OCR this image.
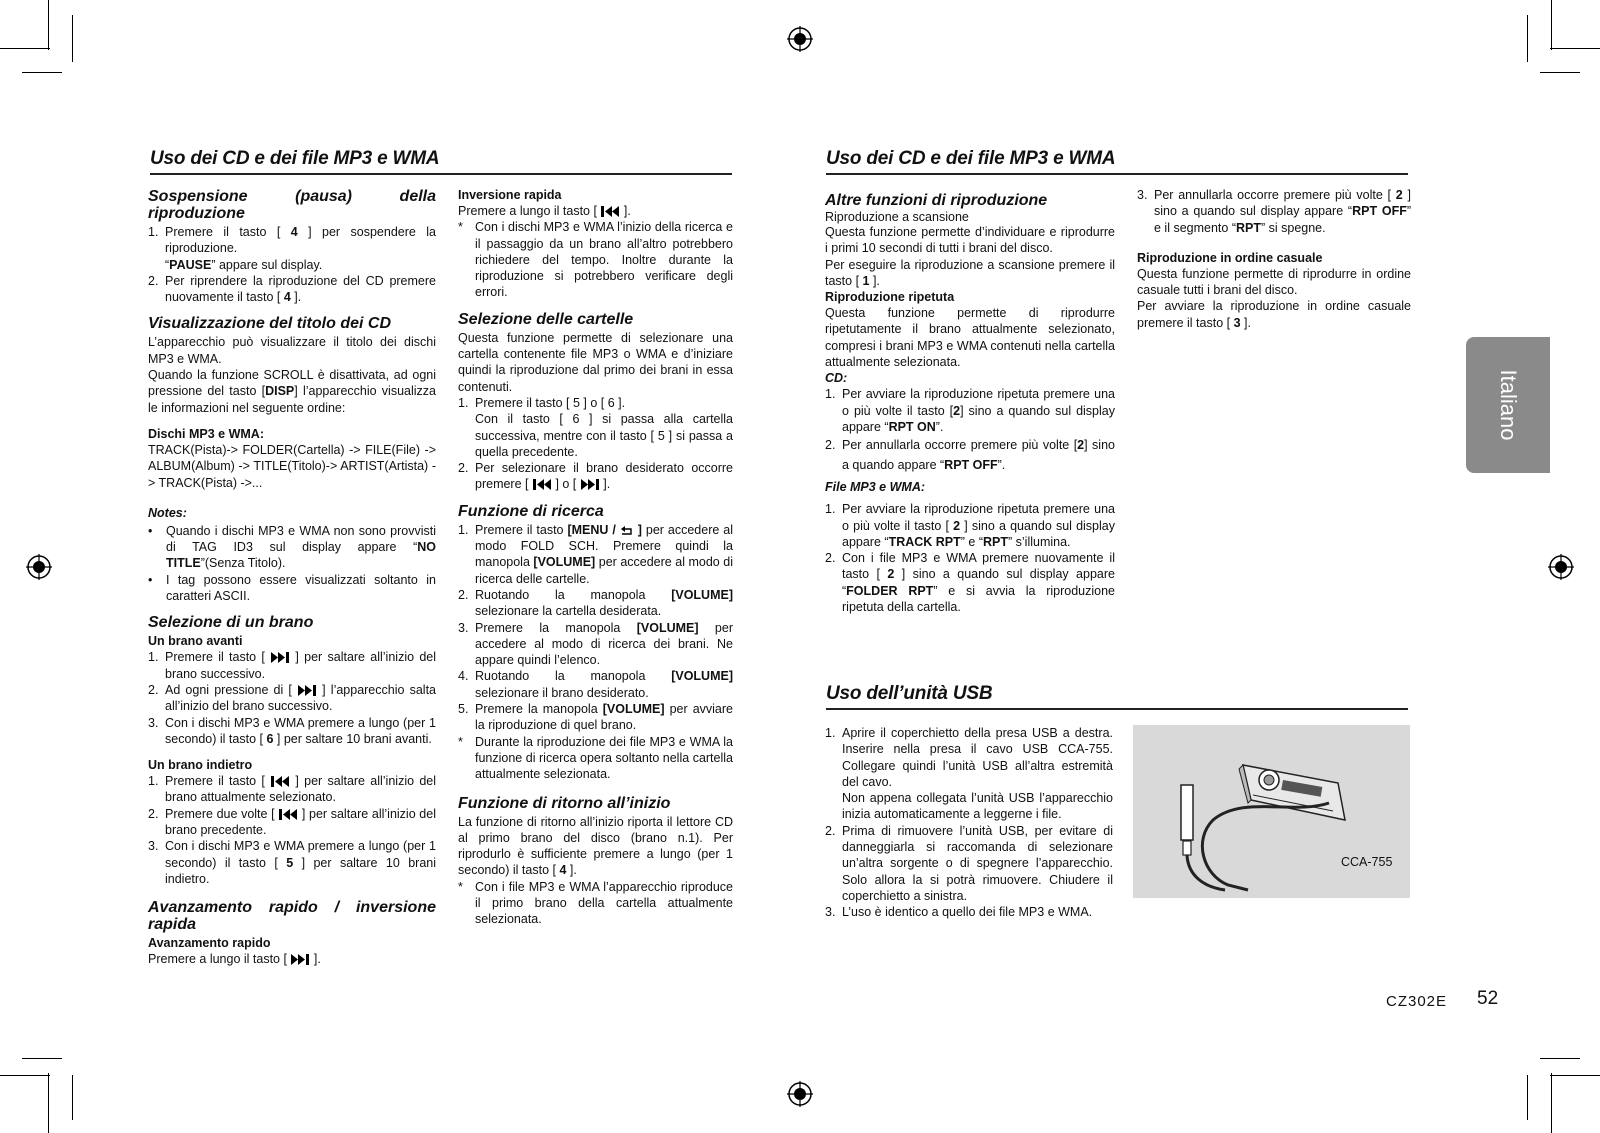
Uso dei CD e dei file MP3 e WMA
Sospensione (pausa) della riproduzione
1. Premere il tasto [ 4 ] per sospendere la riproduzione.
“PAUSE” appare sul display.
2. Per riprendere la riproduzione del CD premere nuovamente il tasto [ 4 ].
Visualizzazione del titolo dei CD

L’apparecchio può visualizzare il titolo dei dischi MP3 e WMA.

Quando la funzione SCROLL è disattivata, ad ogni pressione del tasto [DISP] l’apparecchio visualizza le informazioni nel seguente ordine:

Dischi MP3 e WMA:

TRACK(Pista)-> FOLDER(Cartella) -> FILE(File) -> ALBUM(Album) -> TITLE(Titolo)-> ARTIST(Artista) -> TRACK(Pista) ->...

Notes:
•	Quando i dischi MP3 e WMA non sono provvisti di TAG ID3 sul display appare “NO TITLE”(Senza Titolo).
•	I tag possono essere visualizzati soltanto in caratteri ASCII.
Selezione di un brano
Un brano avanti
1. Premere il tasto [  ] per saltare all’inizio del brano successivo.
2. Ad ogni pressione di [  ] l’apparecchio salta all’inizio del brano successivo.
3. Con i dischi MP3 e WMA premere a lungo (per 1 secondo) il tasto [ 6 ] per saltare 10 brani avanti.
Un brano indietro
1. Premere il tasto [  ] per saltare all’inizio del brano attualmente selezionato.
2. Premere due volte [  ] per saltare all’inizio del brano precedente.
3. Con i dischi MP3 e WMA premere a lungo (per 1 secondo) il tasto [ 5 ] per saltare 10 brani indietro.
Avanzamento rapido / inversione rapida
Avanzamento rapido

Premere a lungo il tasto [  ].

Inversione rapida

Premere a lungo il tasto [  ].

* Con i dischi MP3 e WMA l’inizio della ricerca e il passaggio da un brano all’altro potrebbero richiedere del tempo. Inoltre durante la riproduzione si potrebbero verificare degli errori.
Selezione delle cartelle

Questa funzione permette di selezionare una cartella contenente file MP3 o WMA e d’iniziare quindi la riproduzione dal primo dei brani in essa contenuti.

1. Premere il tasto [ 5 ] o [ 6 ].
Con il tasto [ 6 ] si passa alla cartella successiva, mentre con il tasto [ 5 ] si passa a quella precedente.
2. Per selezionare il brano desiderato occorre premere [  ] o [  ].
Funzione di ricerca
1. Premere il tasto [MENU /  ] per accedere al modo FOLD SCH. Premere quindi la manopola [VOLUME] per accedere al modo di ricerca delle cartelle.
2. Ruotando la manopola [VOLUME] selezionare la cartella desiderata.
3. Premere la manopola [VOLUME] per accedere al modo di ricerca dei brani. Ne appare quindi l’elenco.
4. Ruotando la manopola [VOLUME] selezionare il brano desiderato.
5. Premere la manopola [VOLUME] per avviare la riproduzione di quel brano.
* Durante la riproduzione dei file MP3 e WMA la funzione di ricerca opera soltanto nella cartella attualmente selezionata.
Funzione di ritorno all’inizio

La funzione di ritorno all’inizio riporta il lettore CD al primo brano del disco (brano n.1). Per riprodurlo è sufficiente premere a lungo (per 1 secondo) il tasto [ 4 ].

* Con i file MP3 e WMA l’apparecchio riproduce il primo brano della cartella attualmente selezionata.
Uso dei CD e dei file MP3 e WMA
Altre funzioni di riproduzione

Riproduzione a scansione

Questa funzione permette d’individuare e riprodurre i primi 10 secondi di tutti i brani del disco.

Per eseguire la riproduzione a scansione premere il tasto [ 1 ].

Riproduzione ripetuta

Questa funzione permette di riprodurre ripetutamente il brano attualmente selezionato, compresi i brani MP3 e WMA contenuti nella cartella attualmente selezionata.

CD:
1. Per avviare la riproduzione ripetuta premere una o più volte il tasto [2] sino a quando sul display appare “RPT ON”.
2. Per annullarla occorre premere più volte [2] sino a quando appare “RPT OFF”.
File MP3 e WMA:
1. Per avviare la riproduzione ripetuta premere una o più volte il tasto [ 2 ] sino a quando sul display appare “TRACK RPT” e “RPT” s’illumina.
2. Con i file MP3 e WMA premere nuovamente il tasto [ 2 ] sino a quando sul display appare “FOLDER RPT” e si avvia la riproduzione ripetuta della cartella.
3. Per annullarla occorre premere più volte [ 2 ] sino a quando sul display appare “RPT OFF” e il segmento “RPT” si spegne.
Riproduzione in ordine casuale

Questa funzione permette di riprodurre in ordine casuale tutti i brani del disco.

Per avviare la riproduzione in ordine casuale premere il tasto [ 3 ].

Uso dell’unità USB
1. Aprire il coperchietto della presa USB a destra. Inserire nella presa il cavo USB CCA-755. Collegare quindi l’unità USB all’altra estremità del cavo.
Non appena collegata l’unità USB l’apparecchio inizia automaticamente a leggerne i file.
2. Prima di rimuovere l’unità USB, per evitare di danneggiarla si raccomanda di selezionare un’altra sorgente o di spegnere l’apparecchio. Solo allora la si potrà rimuovere. Chiudere il coperchietto a sinistra.
3. L’uso è identico a quello dei file MP3 e WMA.
CCA-755
Italiano
CZ302E 52
